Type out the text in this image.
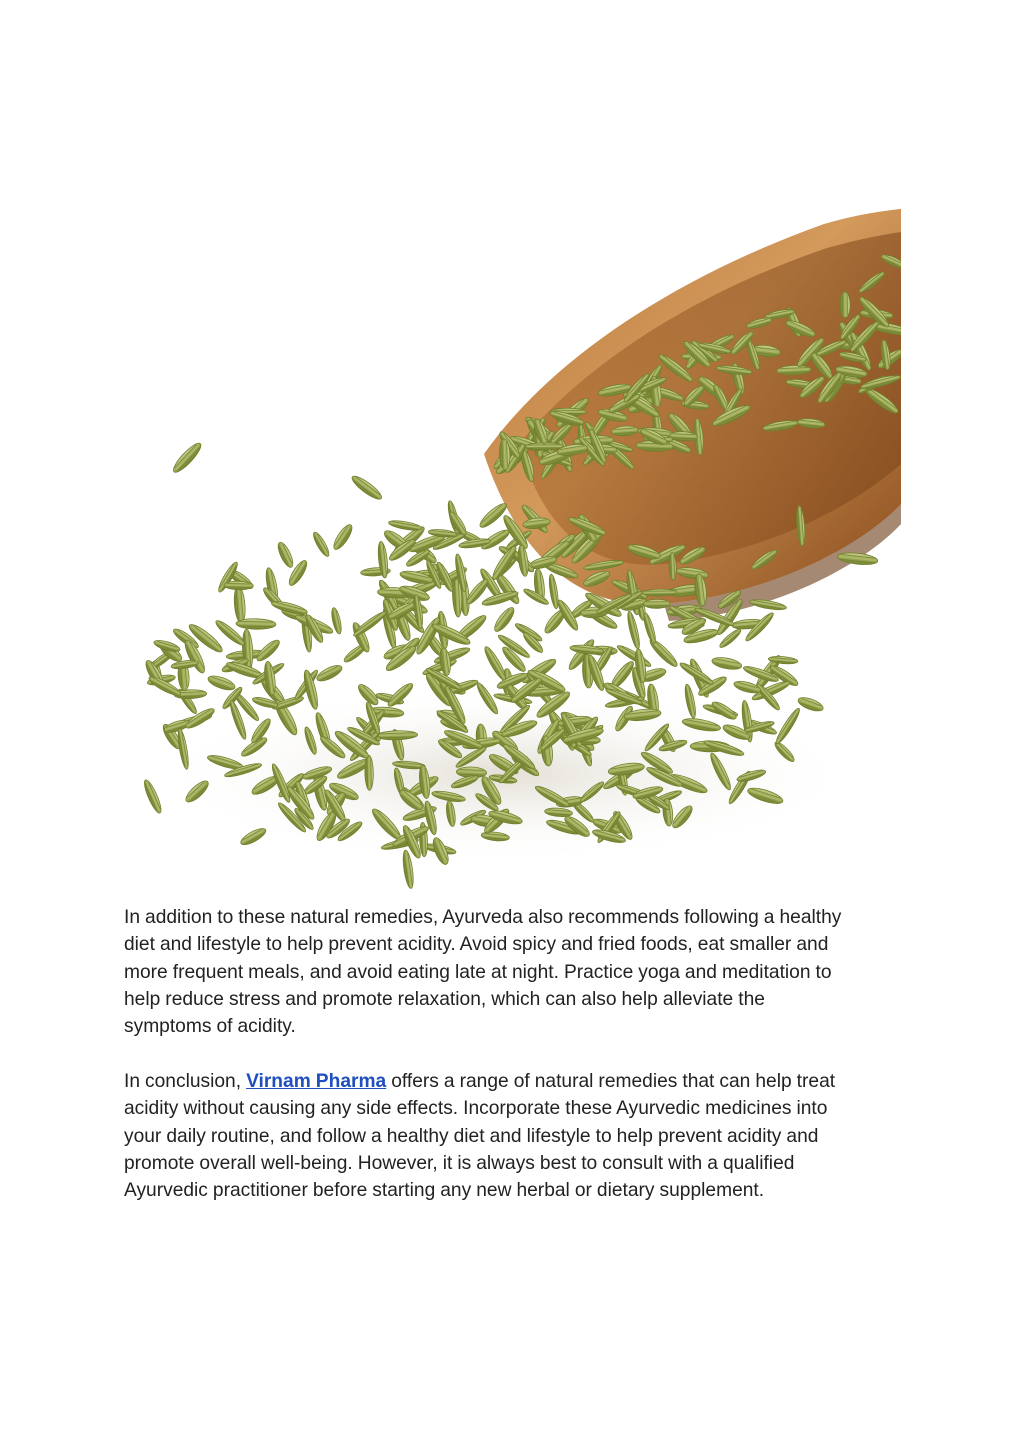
In addition to these natural remedies, Ayurveda also recommends following a healthy
diet and lifestyle to help prevent acidity. Avoid spicy and fried foods, eat smaller and
more frequent meals, and avoid eating late at night. Practice yoga and meditation to
help reduce stress and promote relaxation, which can also help alleviate the
symptoms of acidity.

In conclusion, Virnam Pharma offers a range of natural remedies that can help treat
acidity without causing any side effects. Incorporate these Ayurvedic medicines into
your daily routine, and follow a healthy diet and lifestyle to help prevent acidity and
promote overall well-being. However, it is always best to consult with a qualified
Ayurvedic practitioner before starting any new herbal or dietary supplement.
